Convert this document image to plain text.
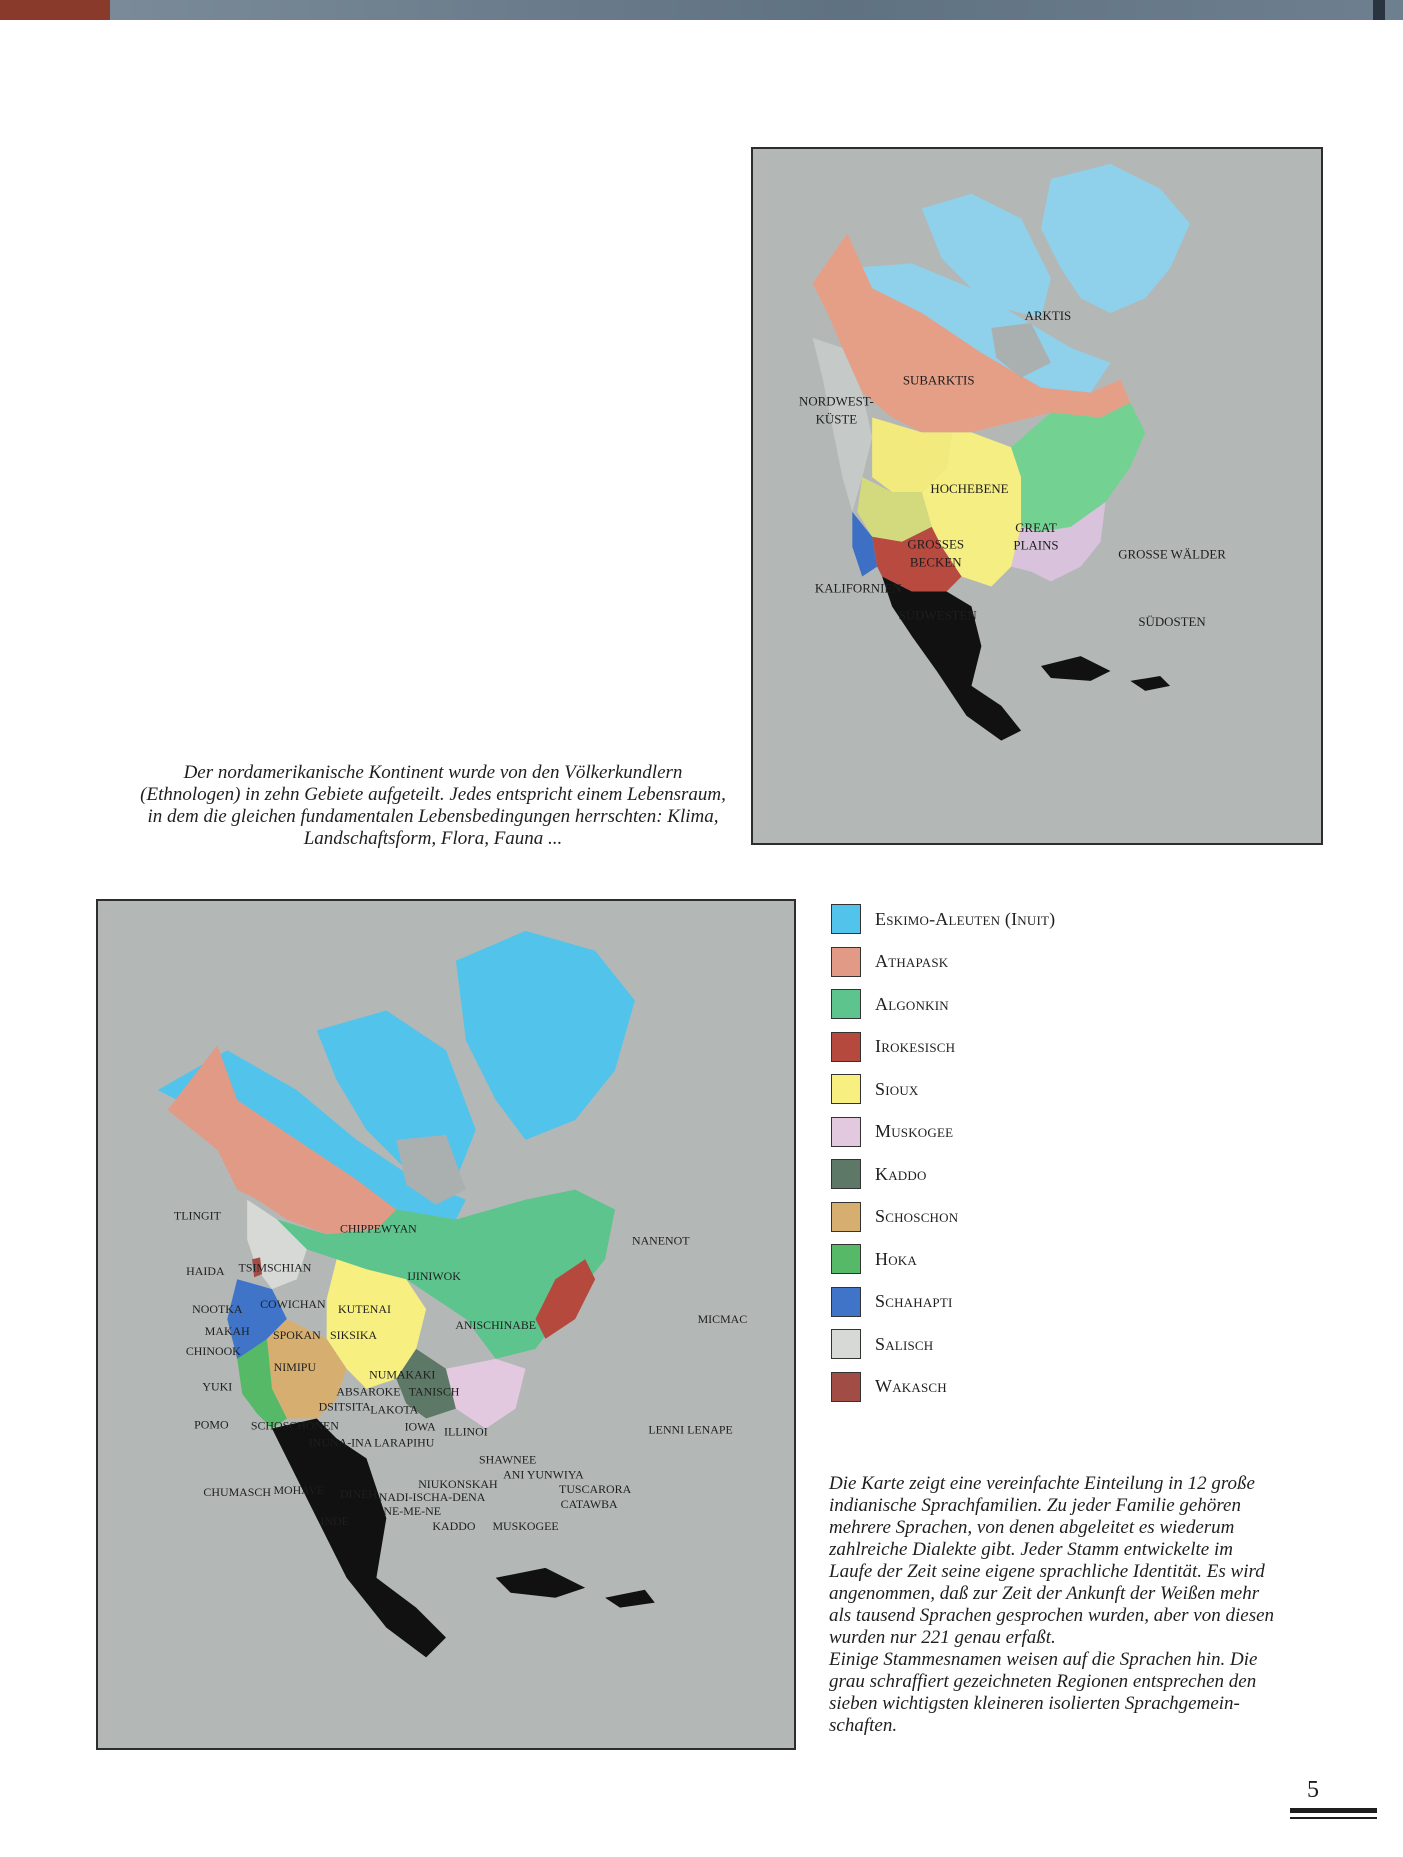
ARKTIS
SUBARKTIS
NORDWEST-
KÜSTE
HOCHEBENE
GREAT
PLAINS
GROSSES
BECKEN
KALIFORNIEN
GROSSE WÄLDER
SÜDWESTEN	SÜDOSTEN

Der nordamerikanische Kontinent wurde von den Völkerkundlern (Ethnologen) in zehn Gebiete aufgeteilt. Jedes entspricht einem Lebensraum, in dem die gleichen fundamentalen Lebensbedingungen herrschten: Klima, Landschaftsform, Flora, Fauna ...

TLINGIT
CHIPPEWYAN
NANENOT
HAIDA TSIMSCHIAN
IJINIWOK
NOOTKA COWICHAN KUTENAI
MAKAH SPOKAN SIKSIKA
ANISCHINABE	MICMAC
CHINOOK
NIMIPU
NUMAKAKI
ABSAROKE TANISCH
YUKI
DSITSITA LAKOTA
POMO SCHOSCHONEN	IOWA ILLINOI	LENNI LENAPE
INUNA-INA LARAPIHU
SHAWNEE
ANI YUNWIYA
NIUKONSKAH	TUSCARORA
CHUMASCH MOHAVE DINEH NADI-ISCHA-DENA	CATAWBA
NE-ME-NE
INDE	KADDO MUSKOGEE
Eskimo-Aleuten (Inuit)
Athapask
Algonkin
Irokesisch
Sioux
Muskogee
Kaddo
Schoschon
Hoka
Schahapti
Salisch
Wakasch

Die Karte zeigt eine vereinfachte Einteilung in 12 große
indianische Sprachfamilien. Zu jeder Familie gehören
mehrere Sprachen, von denen abgeleitet es wiederum
zahlreiche Dialekte gibt. Jeder Stamm entwickelte im
Laufe der Zeit seine eigene sprachliche Identität. Es wird
angenommen, daß zur Zeit der Ankunft der Weißen mehr
als tausend Sprachen gesprochen wurden, aber von diesen
wurden nur 221 genau erfaßt.
Einige Stammesnamen weisen auf die Sprachen hin. Die
grau schraffiert gezeichneten Regionen entsprechen den
sieben wichtigsten kleineren isolierten Sprachgemein-
schaften.

5
